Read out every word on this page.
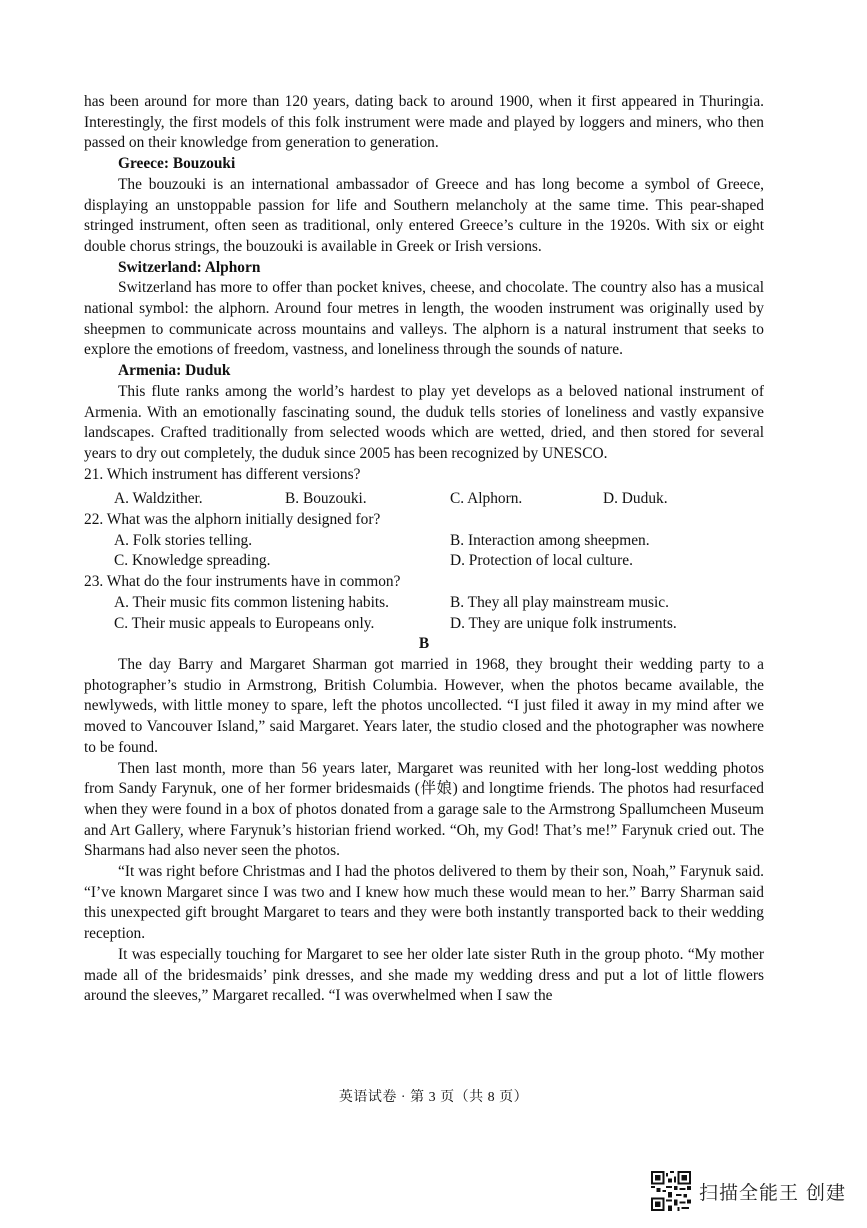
has been around for more than 120 years, dating back to around 1900, when it first appeared in Thuringia. Interestingly, the first models of this folk instrument were made and played by loggers and miners, who then passed on their knowledge from generation to generation.

Greece: Bouzouki

The bouzouki is an international ambassador of Greece and has long become a symbol of Greece, displaying an unstoppable passion for life and Southern melancholy at the same time. This pear-shaped stringed instrument, often seen as traditional, only entered Greece’s culture in the 1920s. With six or eight double chorus strings, the bouzouki is available in Greek or Irish versions.

Switzerland: Alphorn

Switzerland has more to offer than pocket knives, cheese, and chocolate. The country also has a musical national symbol: the alphorn. Around four metres in length, the wooden instrument was originally used by sheepmen to communicate across mountains and valleys. The alphorn is a natural instrument that seeks to explore the emotions of freedom, vastness, and loneliness through the sounds of nature.

Armenia: Duduk

This flute ranks among the world’s hardest to play yet develops as a beloved national instrument of Armenia. With an emotionally fascinating sound, the duduk tells stories of loneliness and vastly expansive landscapes. Crafted traditionally from selected woods which are wetted, dried, and then stored for several years to dry out completely, the duduk since 2005 has been recognized by UNESCO.

21. Which instrument has different versions?

A. Waldzither.	B. Bouzouki.	C. Alphorn.	D. Duduk.

22. What was the alphorn initially designed for?

A. Folk stories telling.	B. Interaction among sheepmen.
C. Knowledge spreading.	D. Protection of local culture.

23. What do the four instruments have in common?

A. Their music fits common listening habits.	B. They all play mainstream music.
C. Their music appeals to Europeans only.	D. They are unique folk instruments.

B

The day Barry and Margaret Sharman got married in 1968, they brought their wedding party to a photographer’s studio in Armstrong, British Columbia. However, when the photos became available, the newlyweds, with little money to spare, left the photos uncollected. “I just filed it away in my mind after we moved to Vancouver Island,” said Margaret. Years later, the studio closed and the photographer was nowhere to be found.

Then last month, more than 56 years later, Margaret was reunited with her long-lost wedding photos from Sandy Farynuk, one of her former bridesmaids (伴娘) and longtime friends. The photos had resurfaced when they were found in a box of photos donated from a garage sale to the Armstrong Spallumcheen Museum and Art Gallery, where Farynuk’s historian friend worked. “Oh, my God! That’s me!” Farynuk cried out. The Sharmans had also never seen the photos.

“It was right before Christmas and I had the photos delivered to them by their son, Noah,” Farynuk said. “I’ve known Margaret since I was two and I knew how much these would mean to her.” Barry Sharman said this unexpected gift brought Margaret to tears and they were both instantly transported back to their wedding reception.

It was especially touching for Margaret to see her older late sister Ruth in the group photo. “My mother made all of the bridesmaids’ pink dresses, and she made my wedding dress and put a lot of little flowers around the sleeves,” Margaret recalled. “I was overwhelmed when I saw the

英语试卷 · 第 3 页（共 8 页）
扫描全能王 创建
